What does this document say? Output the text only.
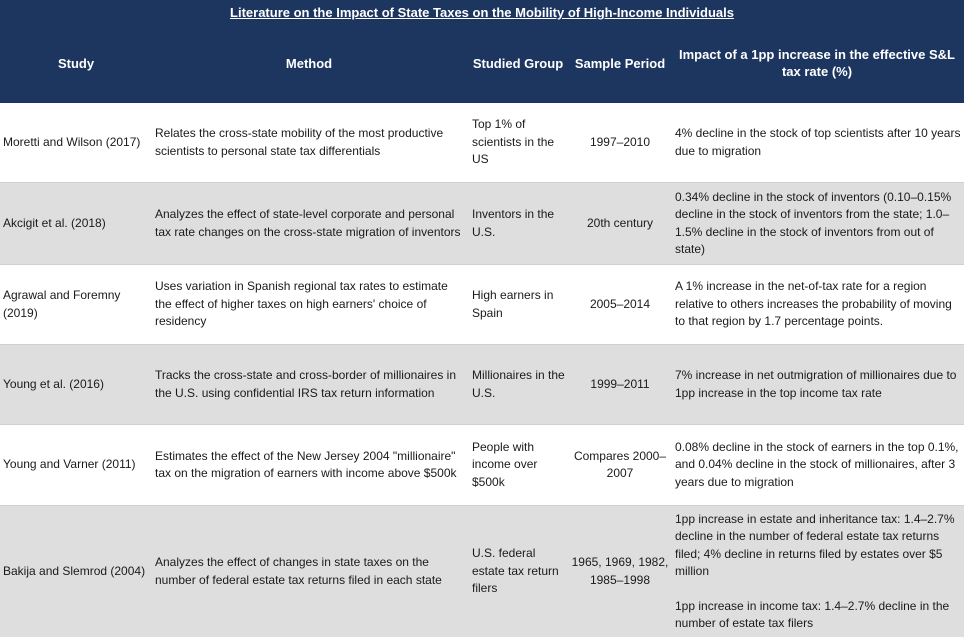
Literature on the Impact of State Taxes on the Mobility of High-Income Individuals
Study	Method	Studied Group Sample Period
Impact of a 1pp increase in the effective S&L tax rate (%)
Moretti and Wilson (2017)
Relates the cross-state mobility of the most productive scientists to personal state tax differentials
Top 1% of scientists in the US
1997–2010
4% decline in the stock of top scientists after 10 years due to migration
Akcigit et al. (2018)
Analyzes the effect of state-level corporate and personal tax rate changes on the cross-state migration of inventors
Inventors in the U.S.
20th century
0.34% decline in the stock of inventors (0.10–0.15% decline in the stock of inventors from the state; 1.0–1.5% decline in the stock of inventors from out of state)
Agrawal and Foremny (2019)
Uses variation in Spanish regional tax rates to estimate the effect of higher taxes on high earners' choice of residency
High earners in Spain
2005–2014
A 1% increase in the net-of-tax rate for a region relative to others increases the probability of moving to that region by 1.7 percentage points.
Young et al. (2016)
Tracks the cross-state and cross-border of millionaires in the U.S. using confidential IRS tax return information
Millionaires in the U.S.
1999–2011
7% increase in net outmigration of millionaires due to 1pp increase in the top income tax rate
Young and Varner (2011)
Estimates the effect of the New Jersey 2004 "millionaire" tax on the migration of earners with income above $500k
People with income over $500k
Compares 2000–2007
0.08% decline in the stock of earners in the top 0.1%, and 0.04% decline in the stock of millionaires, after 3 years due to migration
Bakija and Slemrod (2004)
Analyzes the effect of changes in state taxes on the number of federal estate tax returns filed in each state
U.S. federal estate tax return filers
1965, 1969, 1982, 1985–1998
1pp increase in estate and inheritance tax: 1.4–2.7% decline in the number of federal estate tax returns filed; 4% decline in returns filed by estates over $5 million
1pp increase in income tax: 1.4–2.7% decline in the number of estate tax filers
